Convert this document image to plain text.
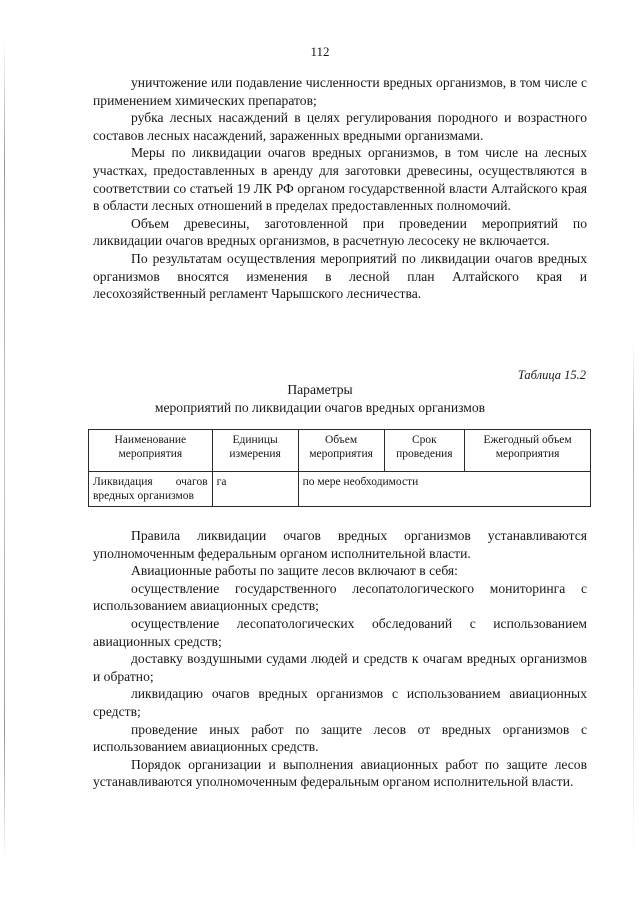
112

уничтожение или подавление численности вредных организмов, в том числе с применением химических препаратов;

рубка лесных насаждений в целях регулирования породного и возрастного составов лесных насаждений, зараженных вредными организмами.

Меры по ликвидации очагов вредных организмов, в том числе на лесных участках, предоставленных в аренду для заготовки древесины, осуществляются в соответствии со статьей 19 ЛК РФ органом государственной власти Алтайского края в области лесных отношений в пределах предоставленных полномочий.

Объем древесины, заготовленной при проведении мероприятий по ликвидации очагов вредных организмов, в расчетную лесосеку не включается.

По результатам осуществления мероприятий по ликвидации очагов вредных организмов вносятся изменения в лесной план Алтайского края и лесохозяйственный регламент Чарышского лесничества.

Таблица 15.2
Параметры
мероприятий по ликвидации очагов вредных организмов
Наименование мероприятия	Единицы измерения	Объем мероприятия	Срок проведения	Ежегодный объем мероприятия

Ликвидация очагов
вредных организмов	га	по мере необходимости		

Правила ликвидации очагов вредных организмов устанавливаются уполномоченным федеральным органом исполнительной власти.

Авиационные работы по защите лесов включают в себя:

осуществление государственного лесопатологического мониторинга с использованием авиационных средств;

осуществление лесопатологических обследований с использованием авиационных средств;

доставку воздушными судами людей и средств к очагам вредных организмов и обратно;

ликвидацию очагов вредных организмов с использованием авиационных средств;

проведение иных работ по защите лесов от вредных организмов с использованием авиационных средств.

Порядок организации и выполнения авиационных работ по защите лесов устанавливаются уполномоченным федеральным органом исполнительной власти.
